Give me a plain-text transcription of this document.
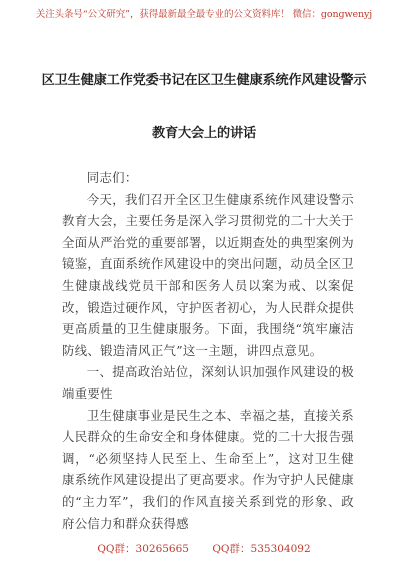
关注头条号“公文研究”，获得最新最全最专业的公文资料库！ 微信：gongwenyj
区卫生健康工作党委书记在区卫生健康系统作风建设警示
教育大会上的讲话

同志们：

今天，我们召开全区卫生健康系统作风建设警示教育大会，主要任务是深入学习贯彻党的二十大关于全面从严治党的重要部署，以近期查处的典型案例为镜鉴，直面系统作风建设中的突出问题，动员全区卫生健康战线党员干部和医务人员以案为戒、以案促改，锻造过硬作风，守护医者初心，为人民群众提供更高质量的卫生健康服务。下面，我围绕“筑牢廉洁防线、锻造清风正气”这一主题，讲四点意见。

一、提高政治站位，深刻认识加强作风建设的极端重要性

卫生健康事业是民生之本、幸福之基，直接关系人民群众的生命安全和身体健康。党的二十大报告强调，“必须坚持人民至上、生命至上”，这对卫生健康系统作风建设提出了更高要求。作为守护人民健康的“主力军”，我们的作风直接关系到党的形象、政府公信力和群众获得感

QQ群：30265665 QQ群：535304092
